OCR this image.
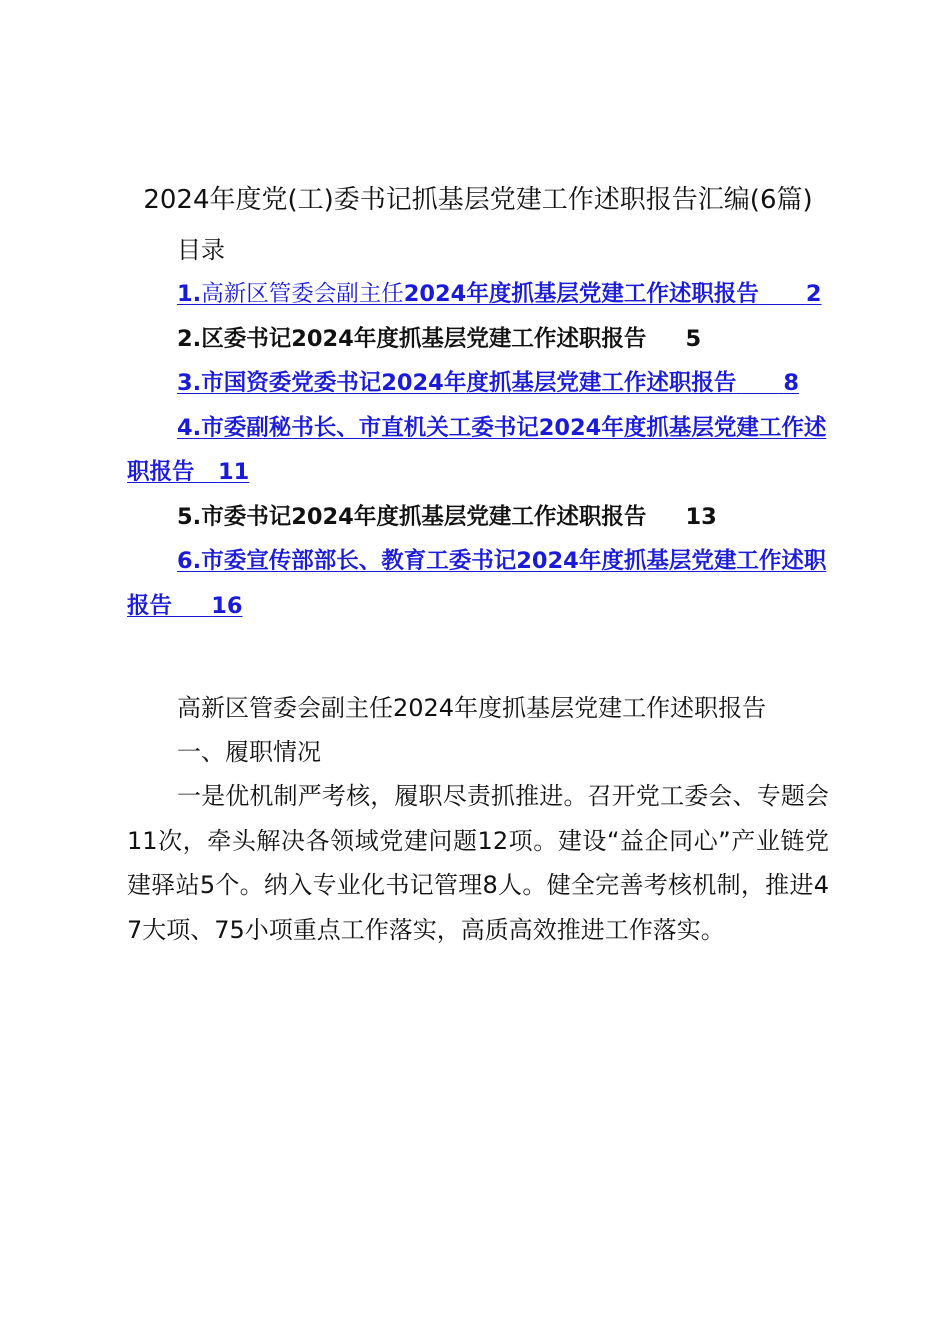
2024年度党(工)委书记抓基层党建工作述职报告汇编(6篇)

目录

1.高新区管委会副主任2024年度抓基层党建工作述职报告 2

2.区委书记2024年度抓基层党建工作述职报告 5

3.市国资委党委书记2024年度抓基层党建工作述职报告 8

4.市委副秘书长、市直机关工委书记2024年度抓基层党建工作述职报告 11

5.市委书记2024年度抓基层党建工作述职报告 13

6.市委宣传部部长、教育工委书记2024年度抓基层党建工作述职报告 16

高新区管委会副主任2024年度抓基层党建工作述职报告

一、履职情况

一是优机制严考核，履职尽责抓推进。召开党工委会、专题会11次，牵头解决各领域党建问题12项。建设“益企同心”产业链党建驿站5个。纳入专业化书记管理8人。健全完善考核机制，推进47大项、75小项重点工作落实，高质高效推进工作落实。
